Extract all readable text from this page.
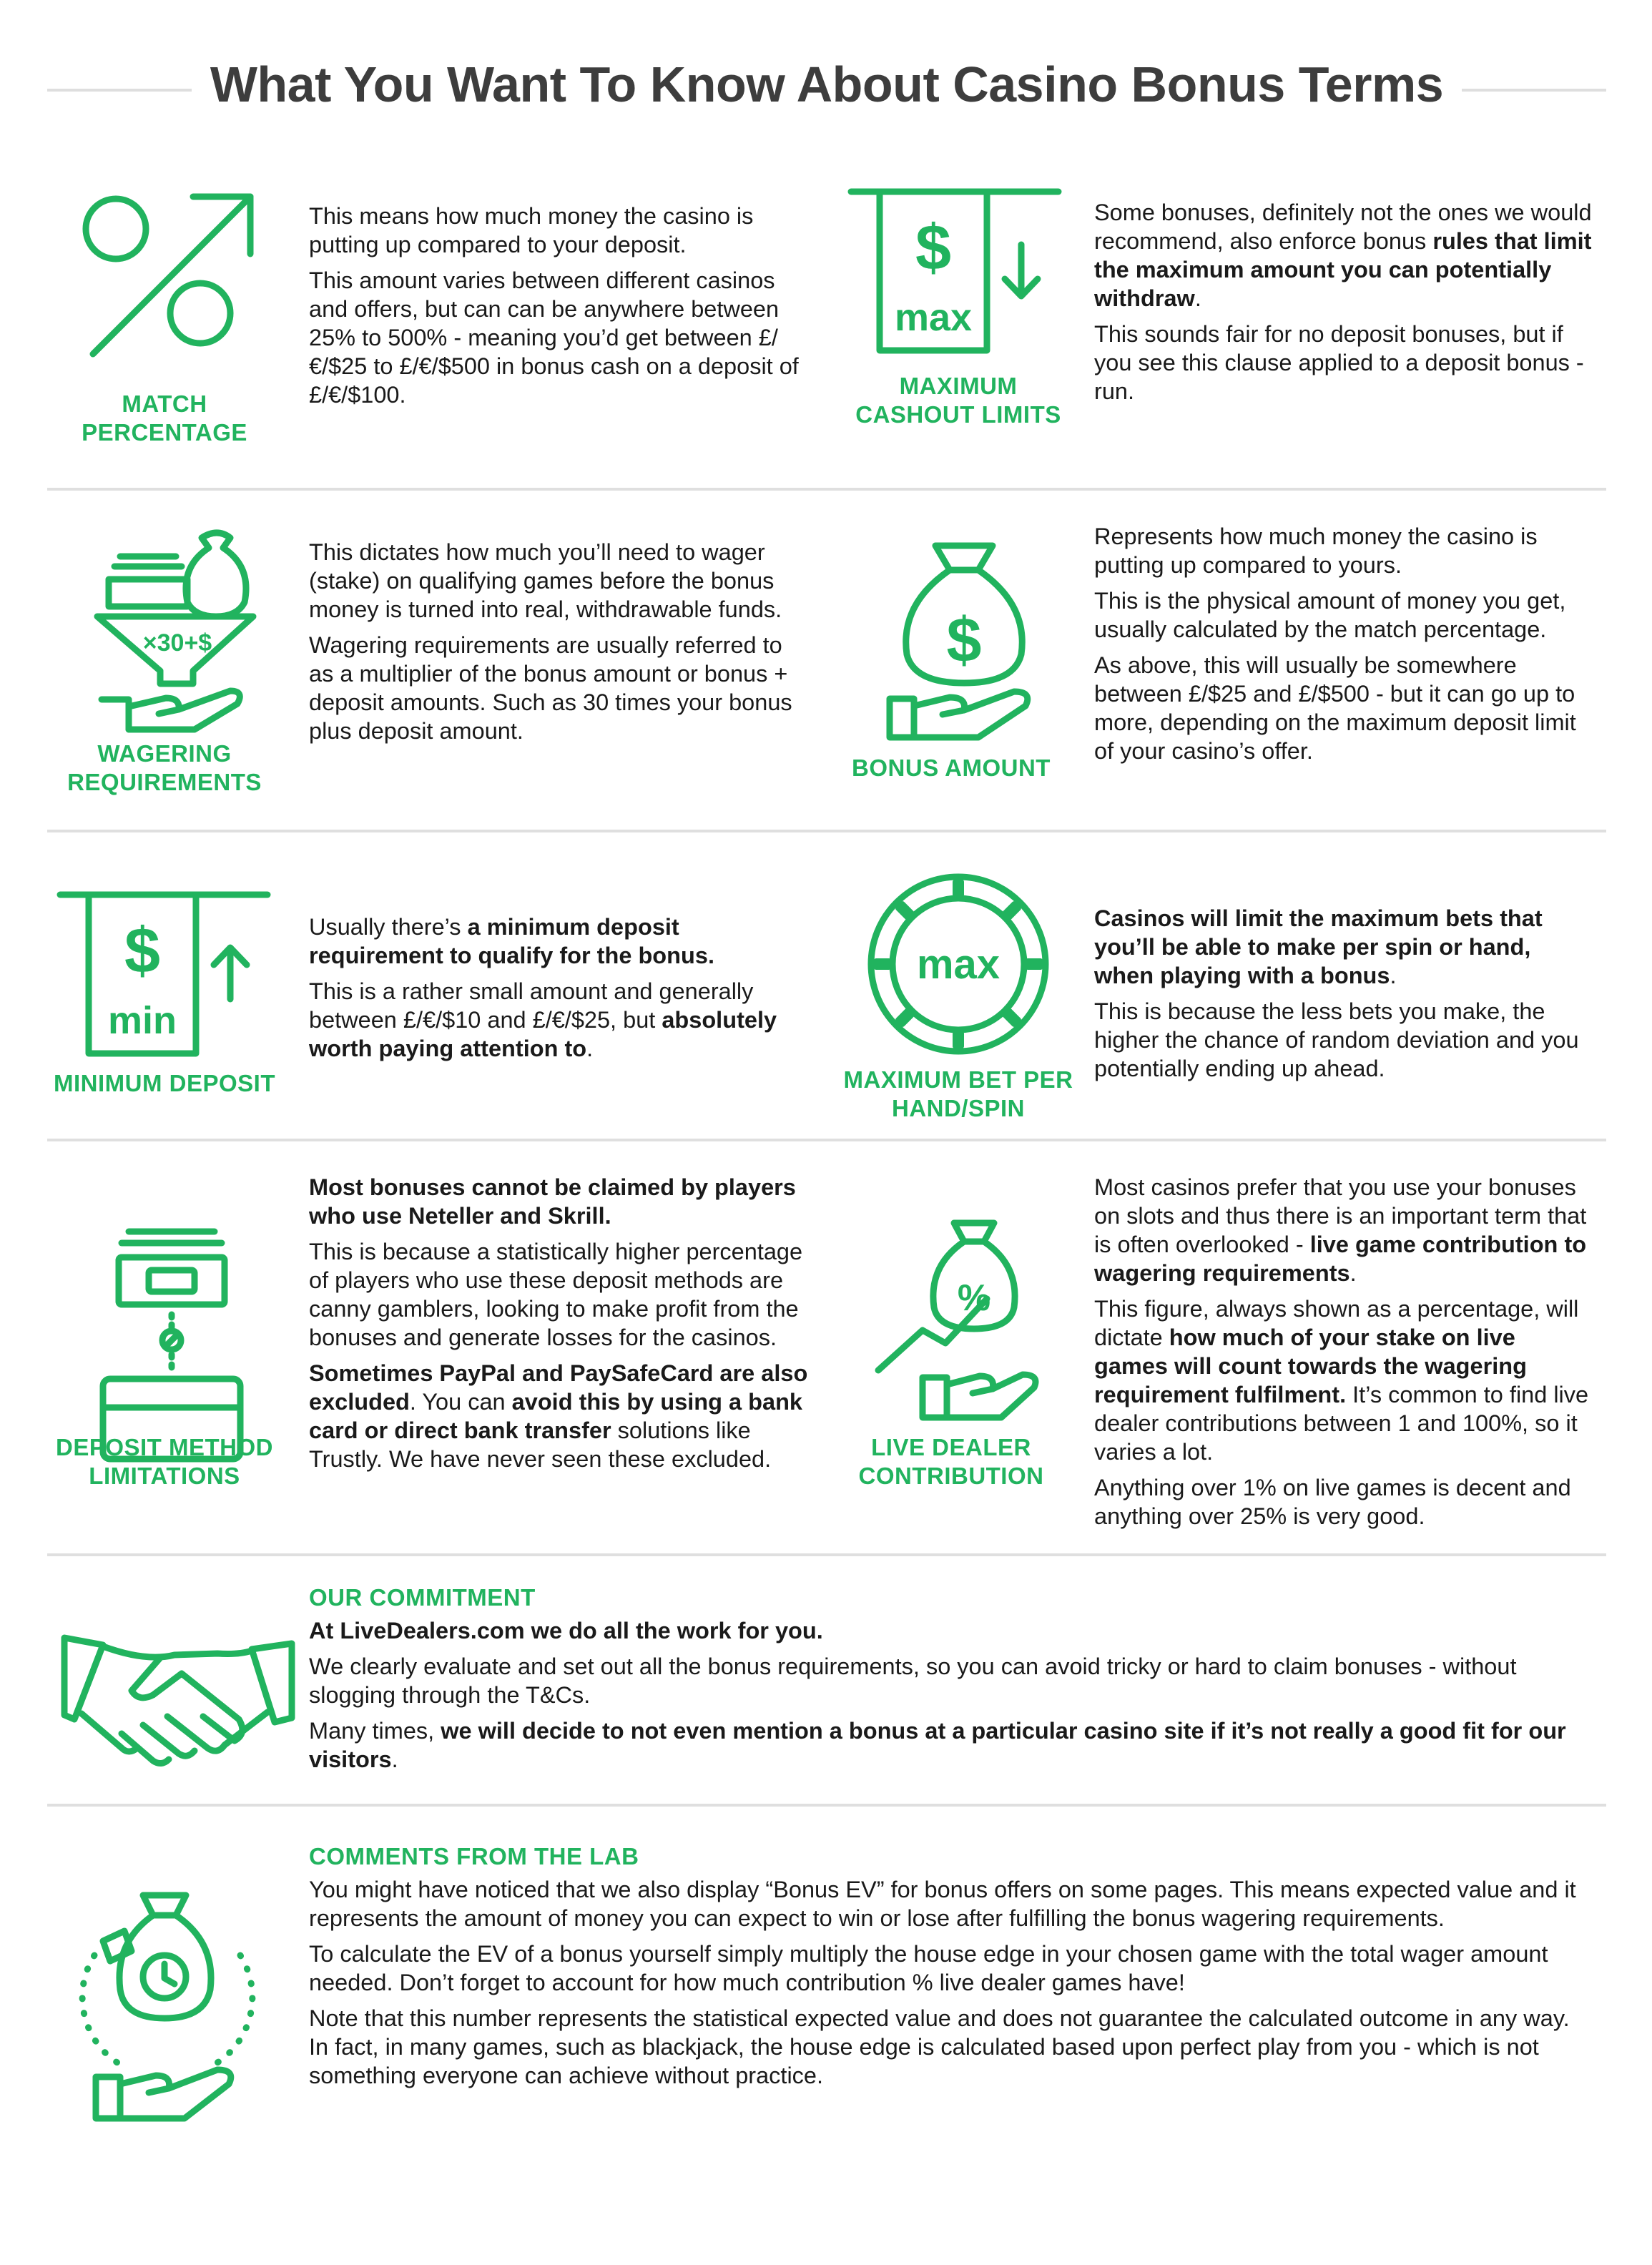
What You Want To Know About Casino Bonus Terms
MATCH PERCENTAGE

This means how much money the casino is putting up compared to your deposit.

This amount varies between different casinos and offers, but can can be anywhere between 25% to 500% - meaning you’d get between £/€/$25 to £/€/$500 in bonus cash on a deposit of £/€/$100.

$
max
MAXIMUM CASHOUT LIMITS

Some bonuses, definitely not the ones we would recommend, also enforce bonus rules that limit the maximum amount you can potentially withdraw.

This sounds fair for no deposit bonuses, but if you see this clause applied to a deposit bonus - run.

×30+$
WAGERING REQUIREMENTS

This dictates how much you’ll need to wager (stake) on qualifying games before the bonus money is turned into real, withdrawable funds.

Wagering requirements are usually referred to as a multiplier of the bonus amount or bonus + deposit amounts. Such as 30 times your bonus plus deposit amount.

$
BONUS AMOUNT

Represents how much money the casino is putting up compared to yours.

This is the physical amount of money you get, usually calculated by the match percentage.

As above, this will usually be somewhere between £/$25 and £/$500 - but it can go up to more, depending on the maximum deposit limit of your casino’s offer.

$
min
MINIMUM DEPOSIT

Usually there’s a minimum deposit requirement to qualify for the bonus.

This is a rather small amount and generally between £/€/$10 and £/€/$25, but absolutely worth paying attention to.

max
MAXIMUM BET PER HAND/SPIN

Casinos will limit the maximum bets that you’ll be able to make per spin or hand, when playing with a bonus.

This is because the less bets you make, the higher the chance of random deviation and you potentially ending up ahead.

DEPOSIT METHOD LIMITATIONS

Most bonuses cannot be claimed by players who use Neteller and Skrill.

This is because a statistically higher percentage of players who use these deposit methods are canny gamblers, looking to make profit from the bonuses and generate losses for the casinos.

Sometimes PayPal and PaySafeCard are also excluded. You can avoid this by using a bank card or direct bank transfer solutions like Trustly. We have never seen these excluded.

%
LIVE DEALER CONTRIBUTION

Most casinos prefer that you use your bonuses on slots and thus there is an important term that is often overlooked - live game contribution to wagering requirements.

This figure, always shown as a percentage, will dictate how much of your stake on live games will count towards the wagering requirement fulfilment. It’s common to find live dealer contributions between 1 and 100%, so it varies a lot.

Anything over 1% on live games is decent and anything over 25% is very good.

OUR COMMITMENT

At LiveDealers.com we do all the work for you.

We clearly evaluate and set out all the bonus requirements, so you can avoid tricky or hard to claim bonuses - without slogging through the T&Cs.

Many times, we will decide to not even mention a bonus at a particular casino site if it’s not really a good fit for our visitors.

COMMENTS FROM THE LAB

You might have noticed that we also display “Bonus EV” for bonus offers on some pages. This means expected value and it represents the amount of money you can expect to win or lose after fulfilling the bonus wagering requirements.

To calculate the EV of a bonus yourself simply multiply the house edge in your chosen game with the total wager amount needed. Don’t forget to account for how much contribution % live dealer games have!

Note that this number represents the statistical expected value and does not guarantee the calculated outcome in any way. In fact, in many games, such as blackjack, the house edge is calculated based upon perfect play from you - which is not something everyone can achieve without practice.
